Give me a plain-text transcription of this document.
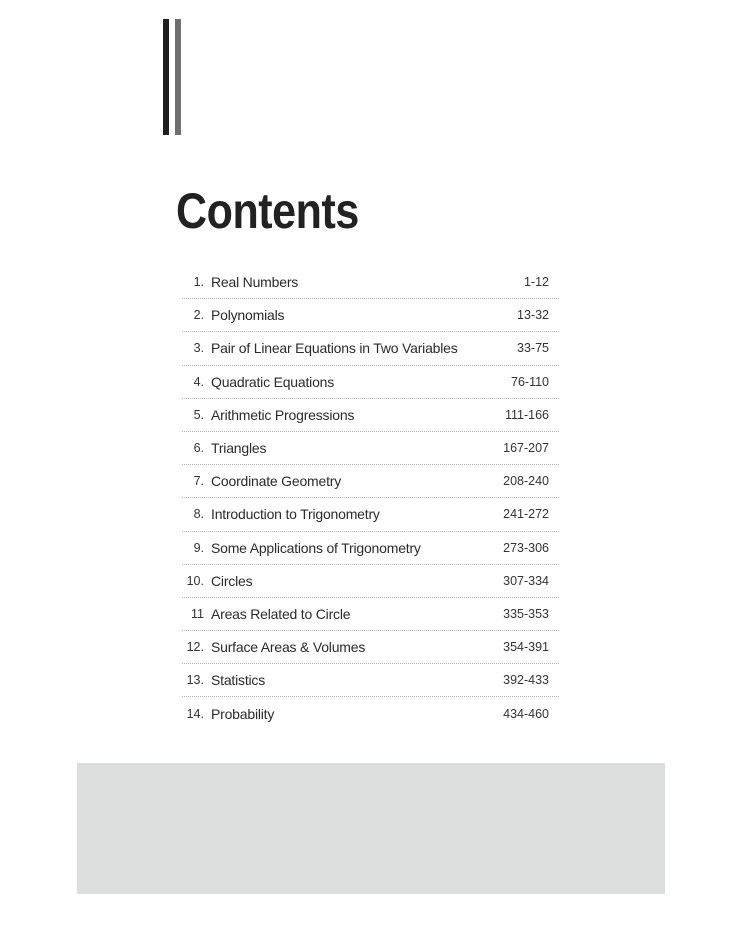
Contents
1. Real Numbers	1-12
2. Polynomials	13-32
3. Pair of Linear Equations in Two Variables	33-75
4. Quadratic Equations	76-110
5. Arithmetic Progressions	111-166
6. Triangles	167-207
7. Coordinate Geometry	208-240
8. Introduction to Trigonometry	241-272
9. Some Applications of Trigonometry	273-306
10. Circles	307-334
11 Areas Related to Circle	335-353
12. Surface Areas & Volumes	354-391
13. Statistics	392-433
14. Probability	434-460
